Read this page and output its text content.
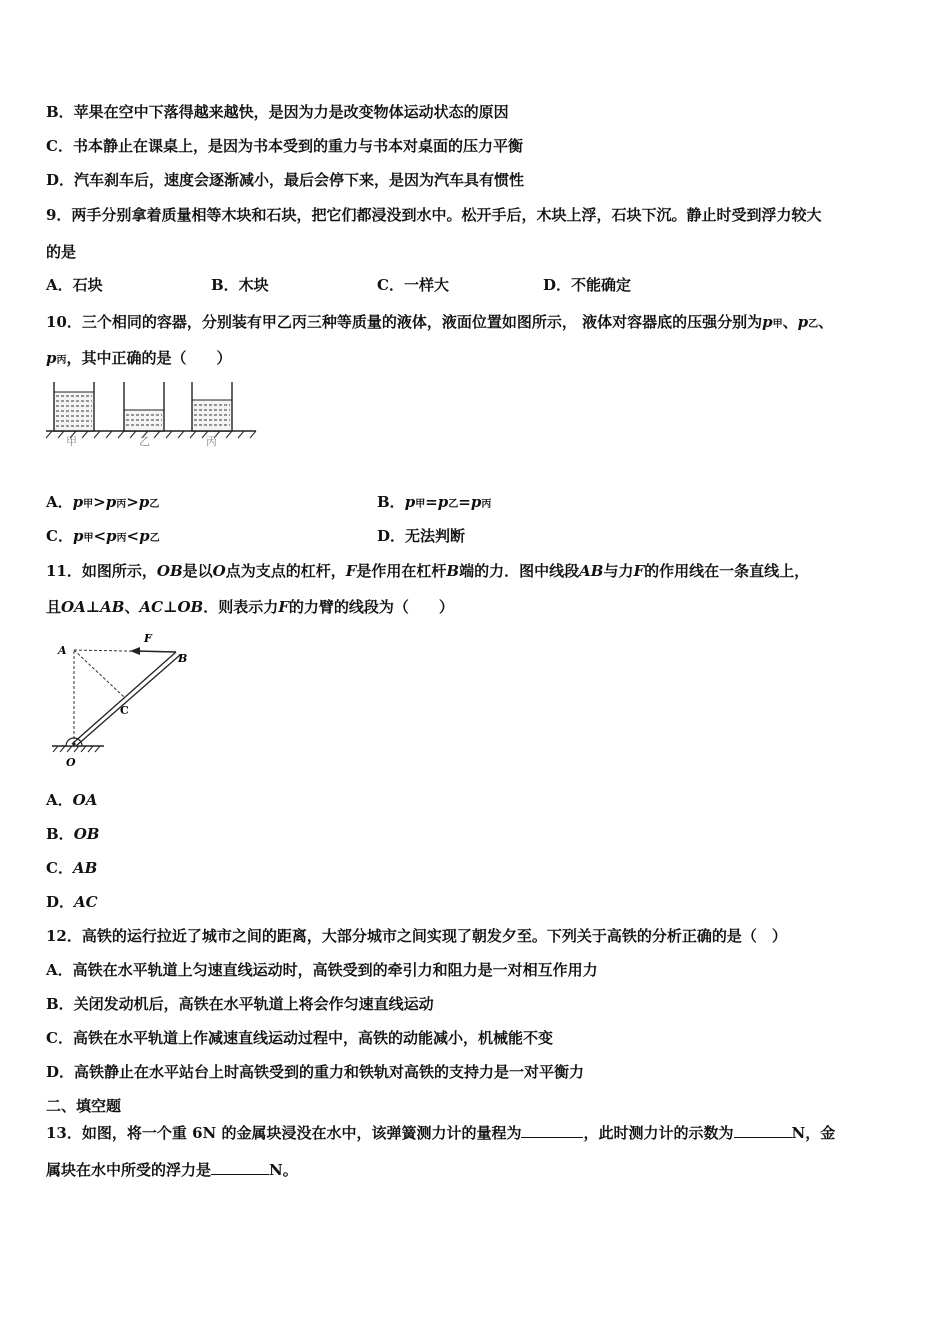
B．苹果在空中下落得越来越快，是因为力是改变物体运动状态的原因
C．书本静止在课桌上，是因为书本受到的重力与书本对桌面的压力平衡
D．汽车刹车后，速度会逐渐减小，最后会停下来，是因为汽车具有惯性
9．两手分别拿着质量相等木块和石块，把它们都浸没到水中。松开手后，木块上浮，石块下沉。静止时受到浮力较大
的是
A．石块	B．木块	C．一样大	D．不能确定
10．三个相同的容器，分别装有甲乙丙三种等质量的液体，液面位置如图所示， 液体对容器底的压强分别为p甲、p乙、
p丙，其中正确的是（　　）
甲	乙	丙
A．p甲>p丙>p乙	B．p甲=p乙=p丙
C．p甲<p丙<p乙	D．无法判断
11．如图所示，OB是以O点为支点的杠杆，F是作用在杠杆B端的力．图中线段AB与力F的作用线在一条直线上，
且OA⊥AB、AC⊥OB．则表示力F的力臂的线段为（　　）
A
B
C
O
F
A．OA
B．OB
C．AB
D．AC
12．高铁的运行拉近了城市之间的距离，大部分城市之间实现了朝发夕至。下列关于高铁的分析正确的是（　）
A．高铁在水平轨道上匀速直线运动时，高铁受到的牵引力和阻力是一对相互作用力
B．关闭发动机后，高铁在水平轨道上将会作匀速直线运动
C．高铁在水平轨道上作减速直线运动过程中，高铁的动能减小，机械能不变
D．高铁静止在水平站台上时高铁受到的重力和铁轨对高铁的支持力是一对平衡力
二、填空题
13．如图，将一个重 6N 的金属块浸没在水中，该弹簧测力计的量程为	，此时测力计的示数为	N，金
属块在水中所受的浮力是	N。
